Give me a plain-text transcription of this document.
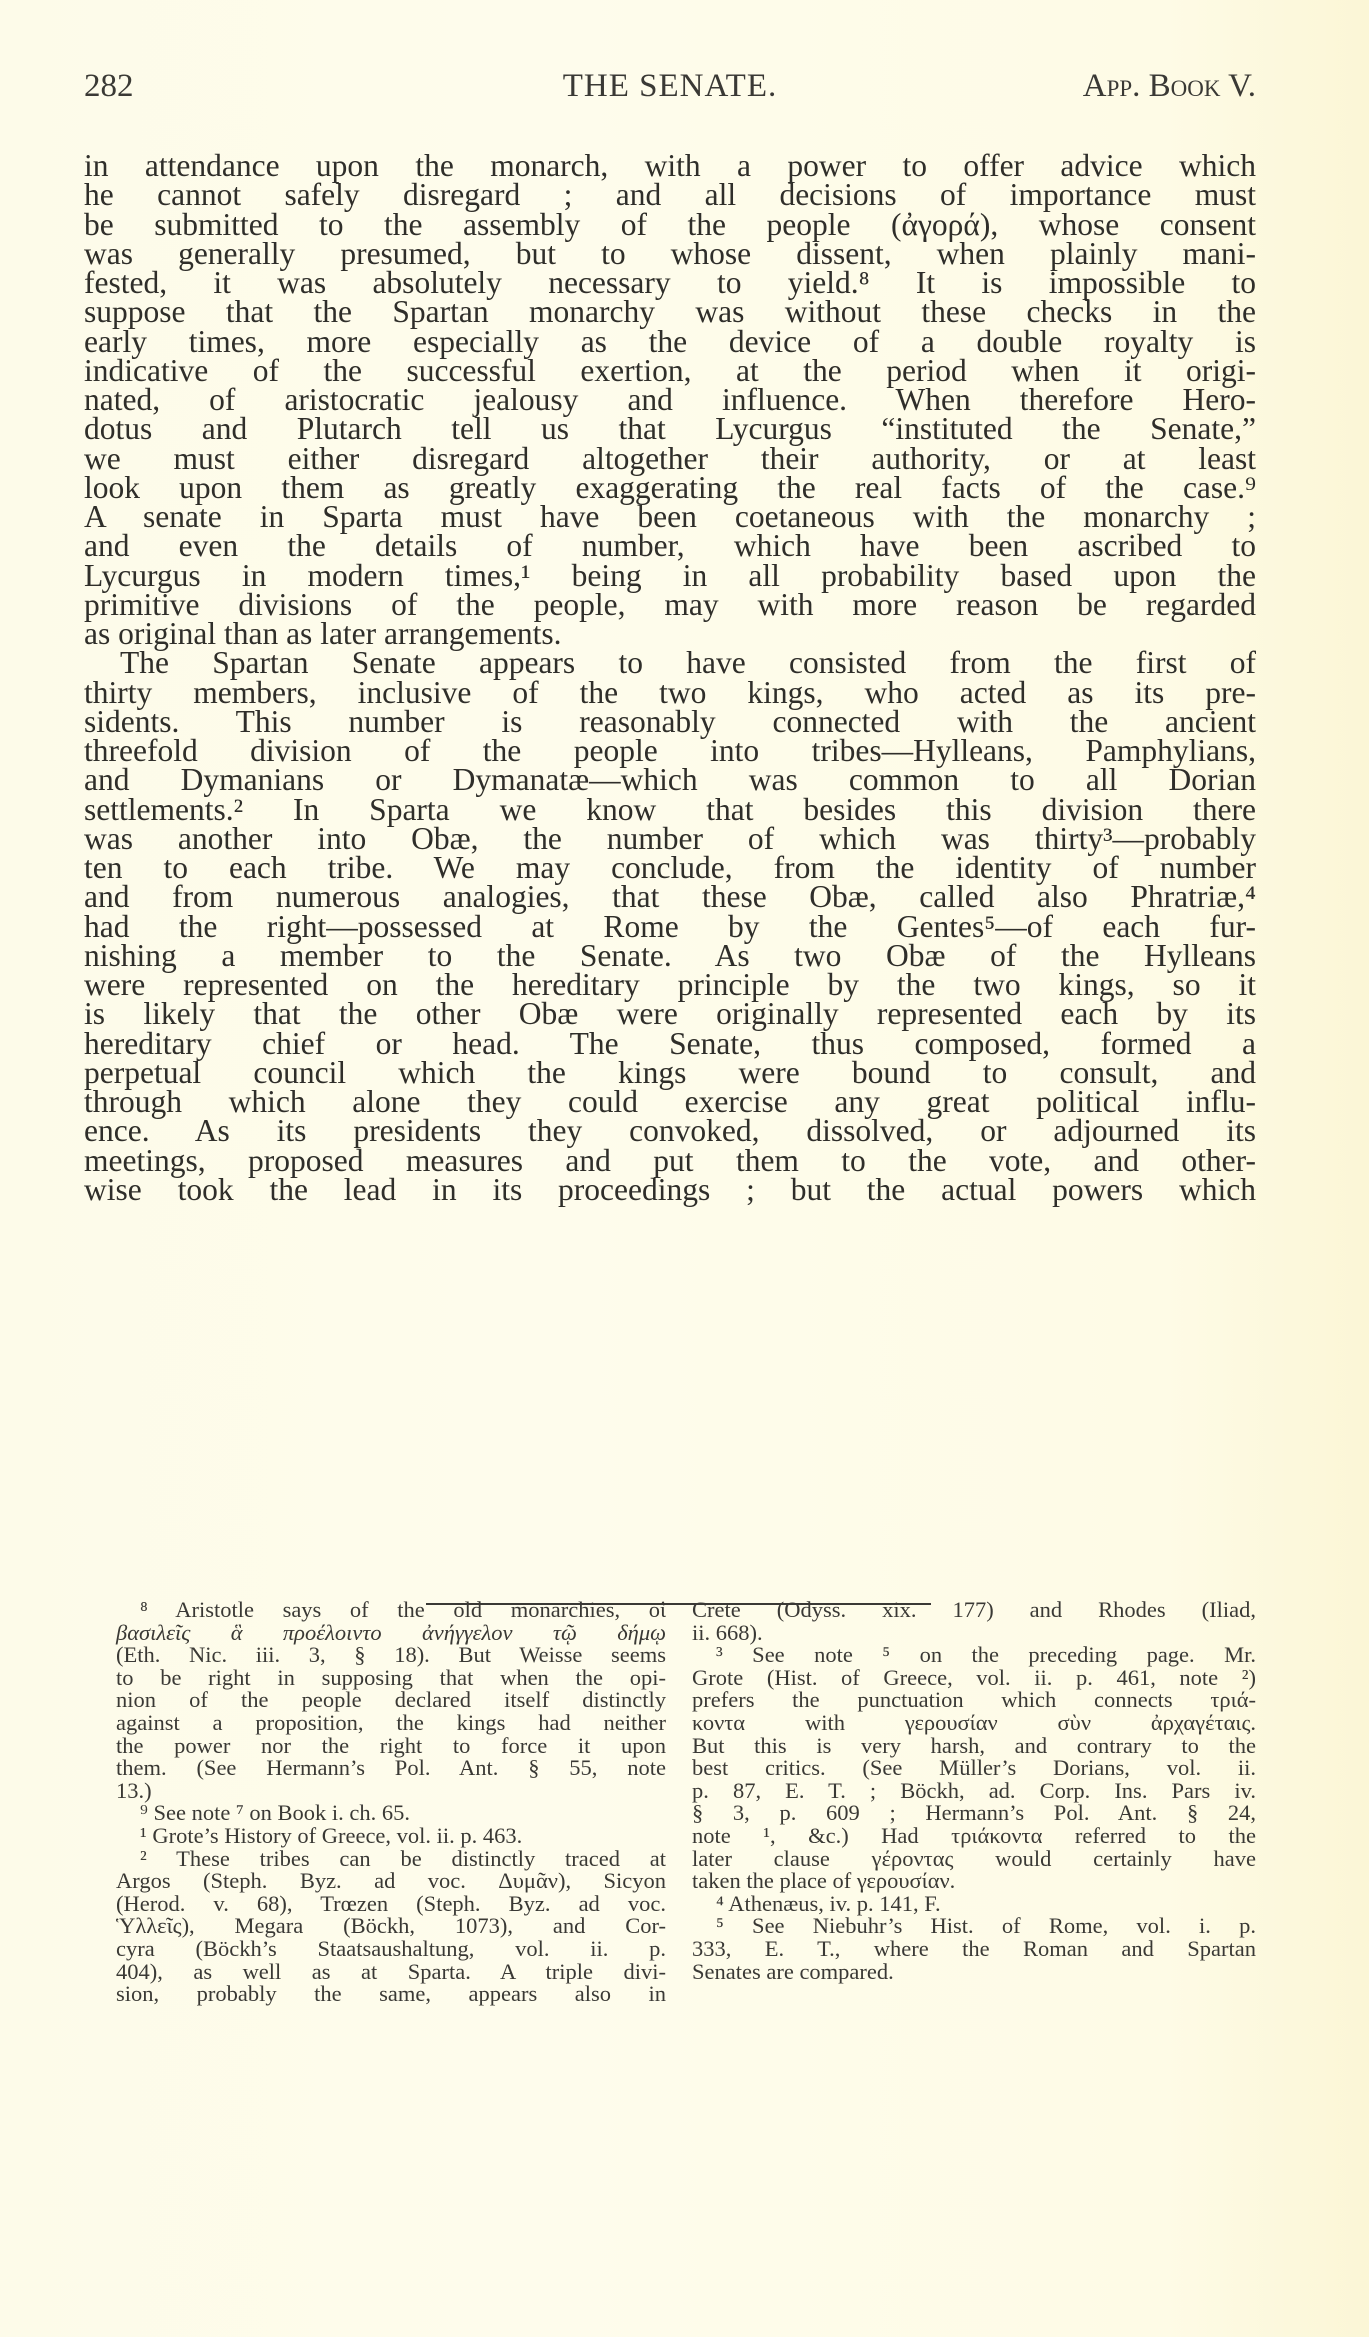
282	THE SENATE.	App. Book V.
in attendance upon the monarch, with a power to offer advice which
he cannot safely disregard ; and all decisions of importance must
be submitted to the assembly of the people (ἀγορά), whose consent
was generally presumed, but to whose dissent, when plainly mani-
fested, it was absolutely necessary to yield.⁸ It is impossible to
suppose that the Spartan monarchy was without these checks in the
early times, more especially as the device of a double royalty is
indicative of the successful exertion, at the period when it origi-
nated, of aristocratic jealousy and influence. When therefore Hero-
dotus and Plutarch tell us that Lycurgus “instituted the Senate,”
we must either disregard altogether their authority, or at least
look upon them as greatly exaggerating the real facts of the case.⁹
A senate in Sparta must have been coetaneous with the monarchy ;
and even the details of number, which have been ascribed to
Lycurgus in modern times,¹ being in all probability based upon the
primitive divisions of the people, may with more reason be regarded
as original than as later arrangements.
The Spartan Senate appears to have consisted from the first of
thirty members, inclusive of the two kings, who acted as its pre-
sidents. This number is reasonably connected with the ancient
threefold division of the people into tribes—Hylleans, Pamphylians,
and Dymanians or Dymanatæ—which was common to all Dorian
settlements.² In Sparta we know that besides this division there
was another into Obæ, the number of which was thirty³—probably
ten to each tribe. We may conclude, from the identity of number
and from numerous analogies, that these Obæ, called also Phratriæ,⁴
had the right—possessed at Rome by the Gentes⁵—of each fur-
nishing a member to the Senate. As two Obæ of the Hylleans
were represented on the hereditary principle by the two kings, so it
is likely that the other Obæ were originally represented each by its
hereditary chief or head. The Senate, thus composed, formed a
perpetual council which the kings were bound to consult, and
through which alone they could exercise any great political influ-
ence. As its presidents they convoked, dissolved, or adjourned its
meetings, proposed measures and put them to the vote, and other-
wise took the lead in its proceedings ; but the actual powers which
⁸ Aristotle says of the old monarchies, οἱ
βασιλεῖς ἃ προέλοιντο ἀνήγγελον τῷ δήμῳ
(Eth. Nic. iii. 3, § 18). But Weisse seems
to be right in supposing that when the opi-
nion of the people declared itself distinctly
against a proposition, the kings had neither
the power nor the right to force it upon
them. (See Hermann’s Pol. Ant. § 55, note
13.)
⁹ See note ⁷ on Book i. ch. 65.
¹ Grote’s History of Greece, vol. ii. p. 463.
² These tribes can be distinctly traced at
Argos (Steph. Byz. ad voc. Δυμᾶν), Sicyon
(Herod. v. 68), Trœzen (Steph. Byz. ad voc.
Ὑλλεῖς), Megara (Böckh, 1073), and Cor-
cyra (Böckh’s Staatsaushaltung, vol. ii. p.
404), as well as at Sparta. A triple divi-
sion, probably the same, appears also in
Crete (Odyss. xix. 177) and Rhodes (Iliad,
ii. 668).
³ See note ⁵ on the preceding page. Mr.
Grote (Hist. of Greece, vol. ii. p. 461, note ²)
prefers the punctuation which connects τριά-
κοντα with γερουσίαν σὺν ἀρχαγέταις.
But this is very harsh, and contrary to the
best critics. (See Müller’s Dorians, vol. ii.
p. 87, E. T. ; Böckh, ad. Corp. Ins. Pars iv.
§ 3, p. 609 ; Hermann’s Pol. Ant. § 24,
note ¹, &c.) Had τριάκοντα referred to the
later clause γέροντας would certainly have
taken the place of γερουσίαν.
⁴ Athenæus, iv. p. 141, F.
⁵ See Niebuhr’s Hist. of Rome, vol. i. p.
333, E. T., where the Roman and Spartan
Senates are compared.
